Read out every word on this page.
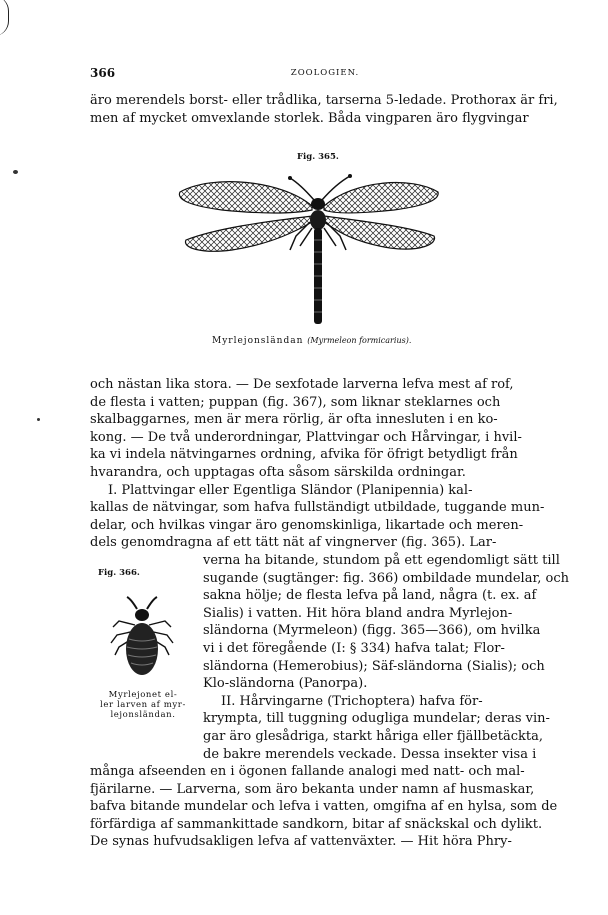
366	ZOOLOGIEN.
äro merendels borst- eller trådlika, tarserna 5-ledade. Prothorax är fri,
men af mycket omvexlande storlek. Båda vingparen äro flygvingar
Fig. 365.
Myrlejonsländan (Myrmeleon formicarius).
och nästan lika stora. — De sexfotade larverna lefva mest af rof,
de flesta i vatten; puppan (fig. 367), som liknar steklarnes och
skalbaggarnes, men är mera rörlig, är ofta innesluten i en ko-
kong. — De två underordningar, Plattvingar och Hårvingar, i hvil-
ka vi indela nätvingarnes ordning, afvika för öfrigt betydligt från
hvarandra, och upptagas ofta såsom särskilda ordningar.
I. Plattvingar eller Egentliga Sländor (Planipennia) kal-
kallas de nätvingar, som hafva fullständigt utbildade, tuggande mun-
delar, och hvilkas vingar äro genomskinliga, likartade och meren-
dels genomdragna af ett tätt nät af vingnerver (fig. 365). Lar-
Fig. 366.
Myrlejonet el-
ler larven af myr-
lejonsländan.
verna ha bitande, stundom på ett egendomligt sätt till
sugande (sugtänger: fig. 366) ombildade mundelar, och
sakna hölje; de flesta lefva på land, några (t. ex. af
Sialis) i vatten. Hit höra bland andra Myrlejon-
sländorna (Myrmeleon) (figg. 365—366), om hvilka
vi i det föregående (I: § 334) hafva talat; Flor-
sländorna (Hemerobius); Säf-sländorna (Sialis); och
Klo-sländorna (Panorpa).
II. Hårvingarne (Trichoptera) hafva för-
krympta, till tuggning odugliga mundelar; deras vin-
gar äro glesådriga, starkt håriga eller fjällbetäckta,
de bakre merendels veckade. Dessa insekter visa i
många afseenden en i ögonen fallande analogi med natt- och mal-
fjärilarne. — Larverna, som äro bekanta under namn af husmaskar,
bafva bitande mundelar och lefva i vatten, omgifna af en hylsa, som de
förfärdiga af sammankittade sandkorn, bitar af snäckskal och dylikt.
De synas hufvudsakligen lefva af vattenväxter. — Hit höra Phry-
